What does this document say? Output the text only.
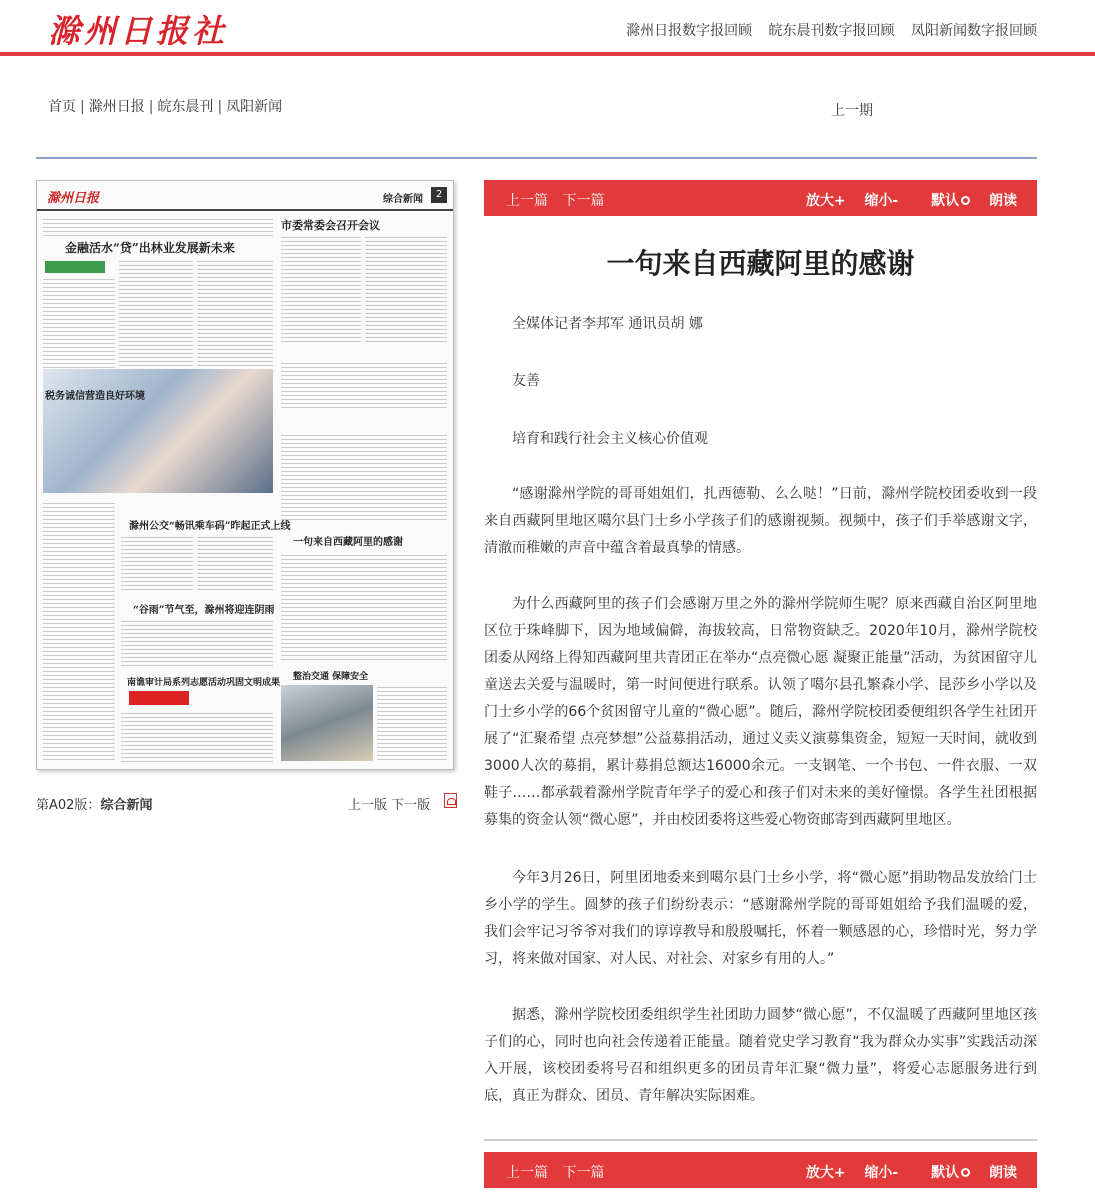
滁州日报社	滁州日报数字报回顾 皖东晨刊数字报回顾 凤阳新闻数字报回顾
首页 | 滁州日报 | 皖东晨刊 | 凤阳新闻	上一期
滁州日报	综合新闻	2
金融活水“贷”出林业发展新未来
市委常委会召开会议
税务诚信营造良好环境
滁州公交“畅讯乘车码”昨起正式上线
一句来自西藏阿里的感谢
“谷雨”节气至，滁州将迎连阴雨
南谯审计局系列志愿活动巩固文明成果
整治交通 保障安全
第A02版：综合新闻	上一版 下一版
上一篇 下一篇	放大+ 缩小- 默认 朗读
一句来自西藏阿里的感谢
全媒体记者李邦军 通讯员胡 娜
友善
培育和践行社会主义核心价值观

“感谢滁州学院的哥哥姐姐们，扎西德勒、么么哒！”日前，滁州学院校团委收到一段来自西藏阿里地区噶尔县门士乡小学孩子们的感谢视频。视频中，孩子们手举感谢文字，清澈而稚嫩的声音中蕴含着最真挚的情感。

为什么西藏阿里的孩子们会感谢万里之外的滁州学院师生呢？原来西藏自治区阿里地区位于珠峰脚下，因为地域偏僻，海拔较高，日常物资缺乏。2020年10月，滁州学院校团委从网络上得知西藏阿里共青团正在举办“点亮微心愿 凝聚正能量”活动，为贫困留守儿童送去关爱与温暖时，第一时间便进行联系。认领了噶尔县孔繁森小学、昆莎乡小学以及门士乡小学的66个贫困留守儿童的“微心愿”。随后，滁州学院校团委便组织各学生社团开展了“汇聚希望 点亮梦想”公益募捐活动，通过义卖义演募集资金，短短一天时间，就收到3000人次的募捐，累计募捐总额达16000余元。一支钢笔、一个书包、一件衣服、一双鞋子……都承载着滁州学院青年学子的爱心和孩子们对未来的美好憧憬。各学生社团根据募集的资金认领“微心愿”，并由校团委将这些爱心物资邮寄到西藏阿里地区。

今年3月26日，阿里团地委来到噶尔县门士乡小学，将“微心愿”捐助物品发放给门士乡小学的学生。圆梦的孩子们纷纷表示：“感谢滁州学院的哥哥姐姐给予我们温暖的爱，我们会牢记习爷爷对我们的谆谆教导和殷殷嘱托，怀着一颗感恩的心，珍惜时光，努力学习，将来做对国家、对人民、对社会、对家乡有用的人。”

据悉，滁州学院校团委组织学生社团助力圆梦“微心愿”，不仅温暖了西藏阿里地区孩子们的心，同时也向社会传递着正能量。随着党史学习教育“我为群众办实事”实践活动深入开展，该校团委将号召和组织更多的团员青年汇聚“微力量”，将爱心志愿服务进行到底，真正为群众、团员、青年解决实际困难。

上一篇 下一篇	放大+ 缩小- 默认 朗读
